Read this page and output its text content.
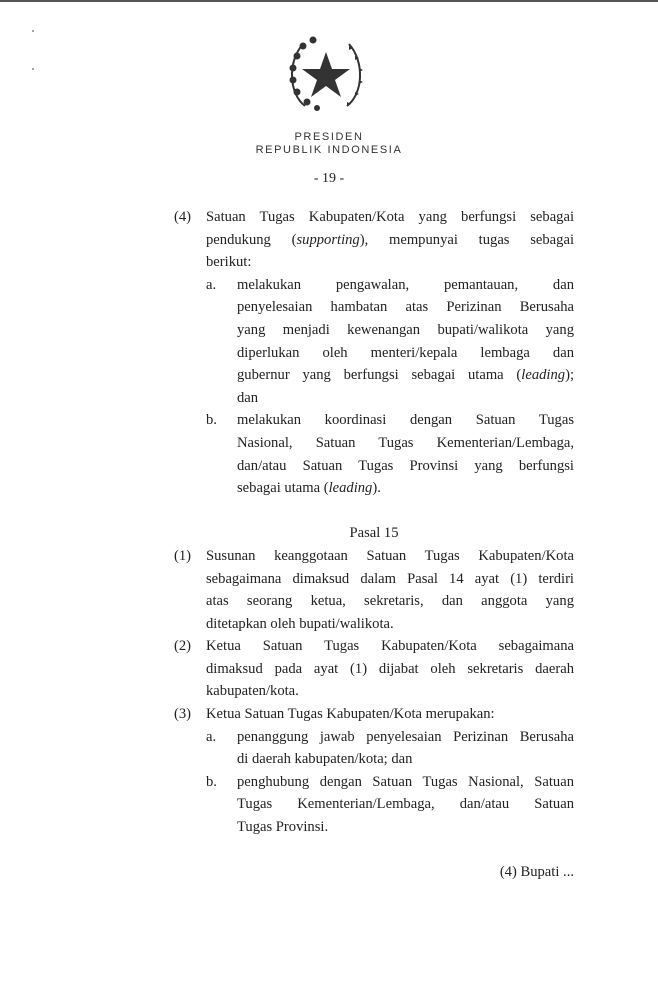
PRESIDEN
REPUBLIK INDONESIA
- 19 -
(4) Satuan Tugas Kabupaten/Kota yang berfungsi sebagai
pendukung (supporting), mempunyai tugas sebagai
berikut:
a. melakukan pengawalan, pemantauan, dan
penyelesaian hambatan atas Perizinan Berusaha
yang menjadi kewenangan bupati/walikota yang
diperlukan oleh menteri/kepala lembaga dan
gubernur yang berfungsi sebagai utama (leading);
dan
b. melakukan koordinasi dengan Satuan Tugas
Nasional, Satuan Tugas Kementerian/Lembaga,
dan/atau Satuan Tugas Provinsi yang berfungsi
sebagai utama (leading).
Pasal 15
(1) Susunan keanggotaan Satuan Tugas Kabupaten/Kota
sebagaimana dimaksud dalam Pasal 14 ayat (1) terdiri
atas seorang ketua, sekretaris, dan anggota yang
ditetapkan oleh bupati/walikota.
(2) Ketua Satuan Tugas Kabupaten/Kota sebagaimana
dimaksud pada ayat (1) dijabat oleh sekretaris daerah
kabupaten/kota.
(3) Ketua Satuan Tugas Kabupaten/Kota merupakan:
a. penanggung jawab penyelesaian Perizinan Berusaha
di daerah kabupaten/kota; dan
b. penghubung dengan Satuan Tugas Nasional, Satuan
Tugas Kementerian/Lembaga, dan/atau Satuan
Tugas Provinsi.
(4) Bupati ...
